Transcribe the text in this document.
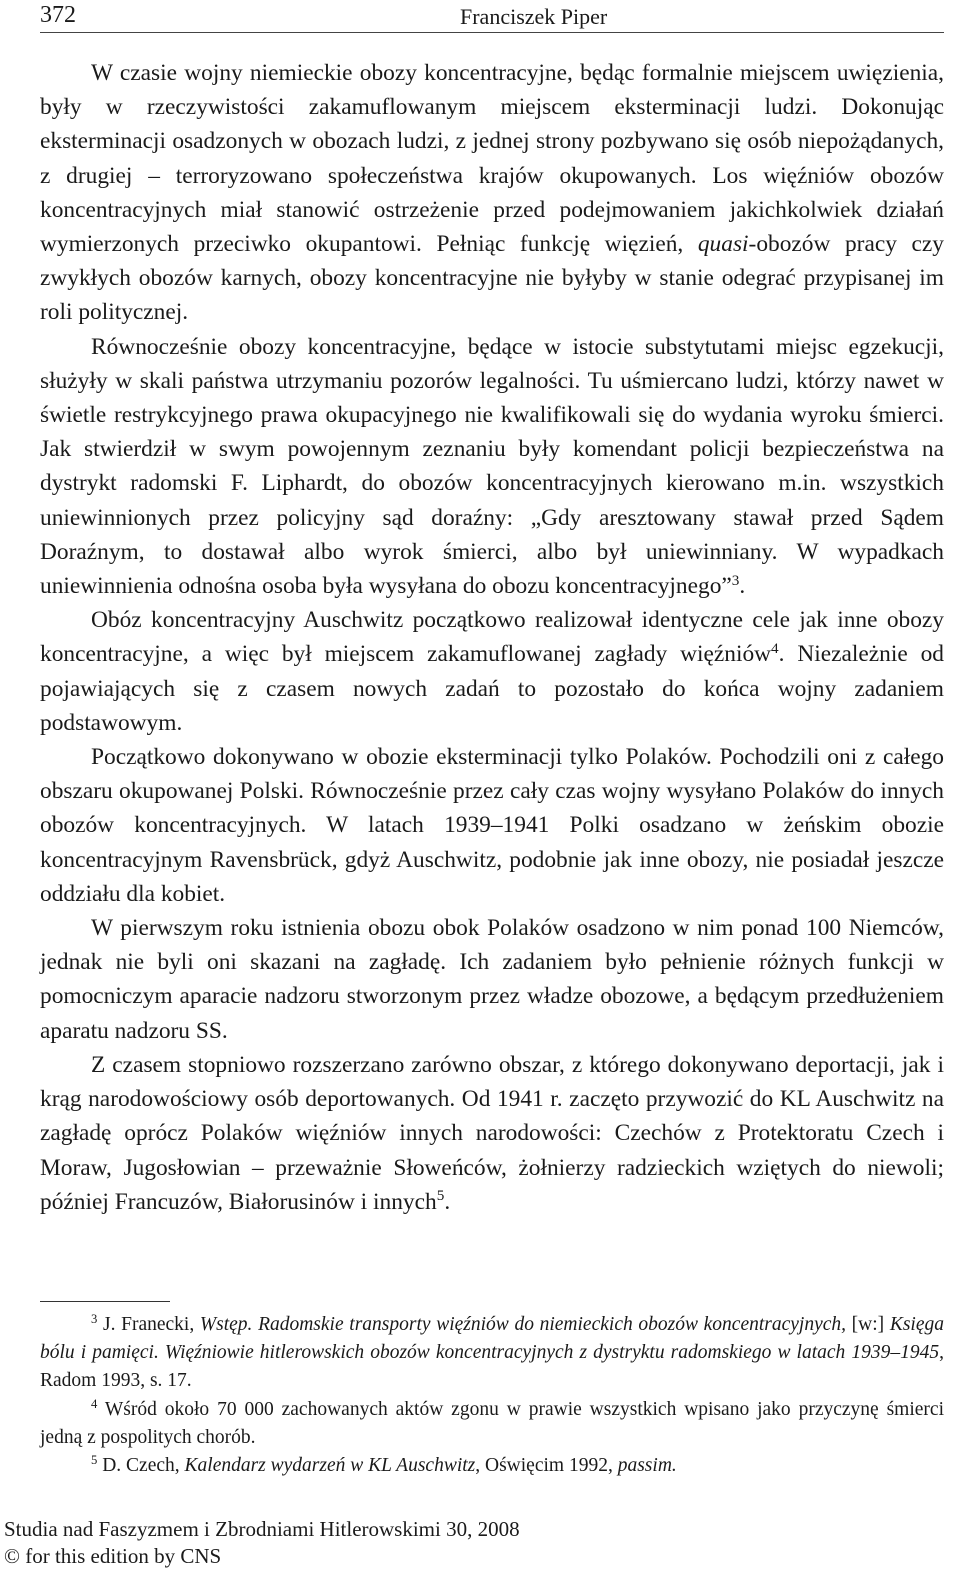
372	Franciszek Piper

W czasie wojny niemieckie obozy koncentracyjne, będąc formalnie miejscem uwięzienia, były w rzeczywistości zakamuflowanym miejscem eksterminacji ludzi. Dokonując eksterminacji osadzonych w obozach ludzi, z jednej strony pozbywano się osób niepożądanych, z drugiej – terroryzowano społeczeństwa krajów okupowanych. Los więźniów obozów koncentracyjnych miał stanowić ostrzeżenie przed podejmowaniem jakichkolwiek działań wymierzonych przeciwko okupantowi. Pełniąc funkcję więzień, quasi-obozów pracy czy zwykłych obozów karnych, obozy koncentracyjne nie byłyby w stanie odegrać przypisanej im roli politycznej.

Równocześnie obozy koncentracyjne, będące w istocie substytutami miejsc egzekucji, służyły w skali państwa utrzymaniu pozorów legalności. Tu uśmiercano ludzi, którzy nawet w świetle restrykcyjnego prawa okupacyjnego nie kwalifikowali się do wydania wyroku śmierci. Jak stwierdził w swym powojennym zeznaniu były komendant policji bezpieczeństwa na dystrykt radomski F. Liphardt, do obozów koncentracyjnych kierowano m.in. wszystkich uniewinnionych przez policyjny sąd doraźny: „Gdy aresztowany stawał przed Sądem Doraźnym, to dostawał albo wyrok śmierci, albo był uniewinniany. W wypadkach uniewinnienia odnośna osoba była wysyłana do obozu koncentracyjnego”$^3$.

Obóz koncentracyjny Auschwitz początkowo realizował identyczne cele jak inne obozy koncentracyjne, a więc był miejscem zakamuflowanej zagłady więźniów$^4$. Niezależnie od pojawiających się z czasem nowych zadań to pozostało do końca wojny zadaniem podstawowym.

Początkowo dokonywano w obozie eksterminacji tylko Polaków. Pochodzili oni z całego obszaru okupowanej Polski. Równocześnie przez cały czas wojny wysyłano Polaków do innych obozów koncentracyjnych. W latach 1939–1941 Polki osadzano w żeńskim obozie koncentracyjnym Ravensbrück, gdyż Auschwitz, podobnie jak inne obozy, nie posiadał jeszcze oddziału dla kobiet.

W pierwszym roku istnienia obozu obok Polaków osadzono w nim ponad 100 Niemców, jednak nie byli oni skazani na zagładę. Ich zadaniem było pełnienie różnych funkcji w pomocniczym aparacie nadzoru stworzonym przez władze obozowe, a będącym przedłużeniem aparatu nadzoru SS.

Z czasem stopniowo rozszerzano zarówno obszar, z którego dokonywano deportacji, jak i krąg narodowościowy osób deportowanych. Od 1941 r. zaczęto przywozić do KL Auschwitz na zagładę oprócz Polaków więźniów innych narodowości: Czechów z Protektoratu Czech i Moraw, Jugosłowian – przeważnie Słoweńców, żołnierzy radzieckich wziętych do niewoli; później Francuzów, Białorusinów i innych$^5$.

$^3$ J. Franecki, Wstęp. Radomskie transporty więźniów do niemieckich obozów koncentracyjnych, [w:] Księga bólu i pamięci. Więźniowie hitlerowskich obozów koncentracyjnych z dystryktu radomskiego w latach 1939–1945, Radom 1993, s. 17.

$^4$ Wśród około 70 000 zachowanych aktów zgonu w prawie wszystkich wpisano jako przyczynę śmierci jedną z pospolitych chorób.

$^5$ D. Czech, Kalendarz wydarzeń w KL Auschwitz, Oświęcim 1992, passim.

Studia nad Faszyzmem i Zbrodniami Hitlerowskimi 30, 2008
© for this edition by CNS
